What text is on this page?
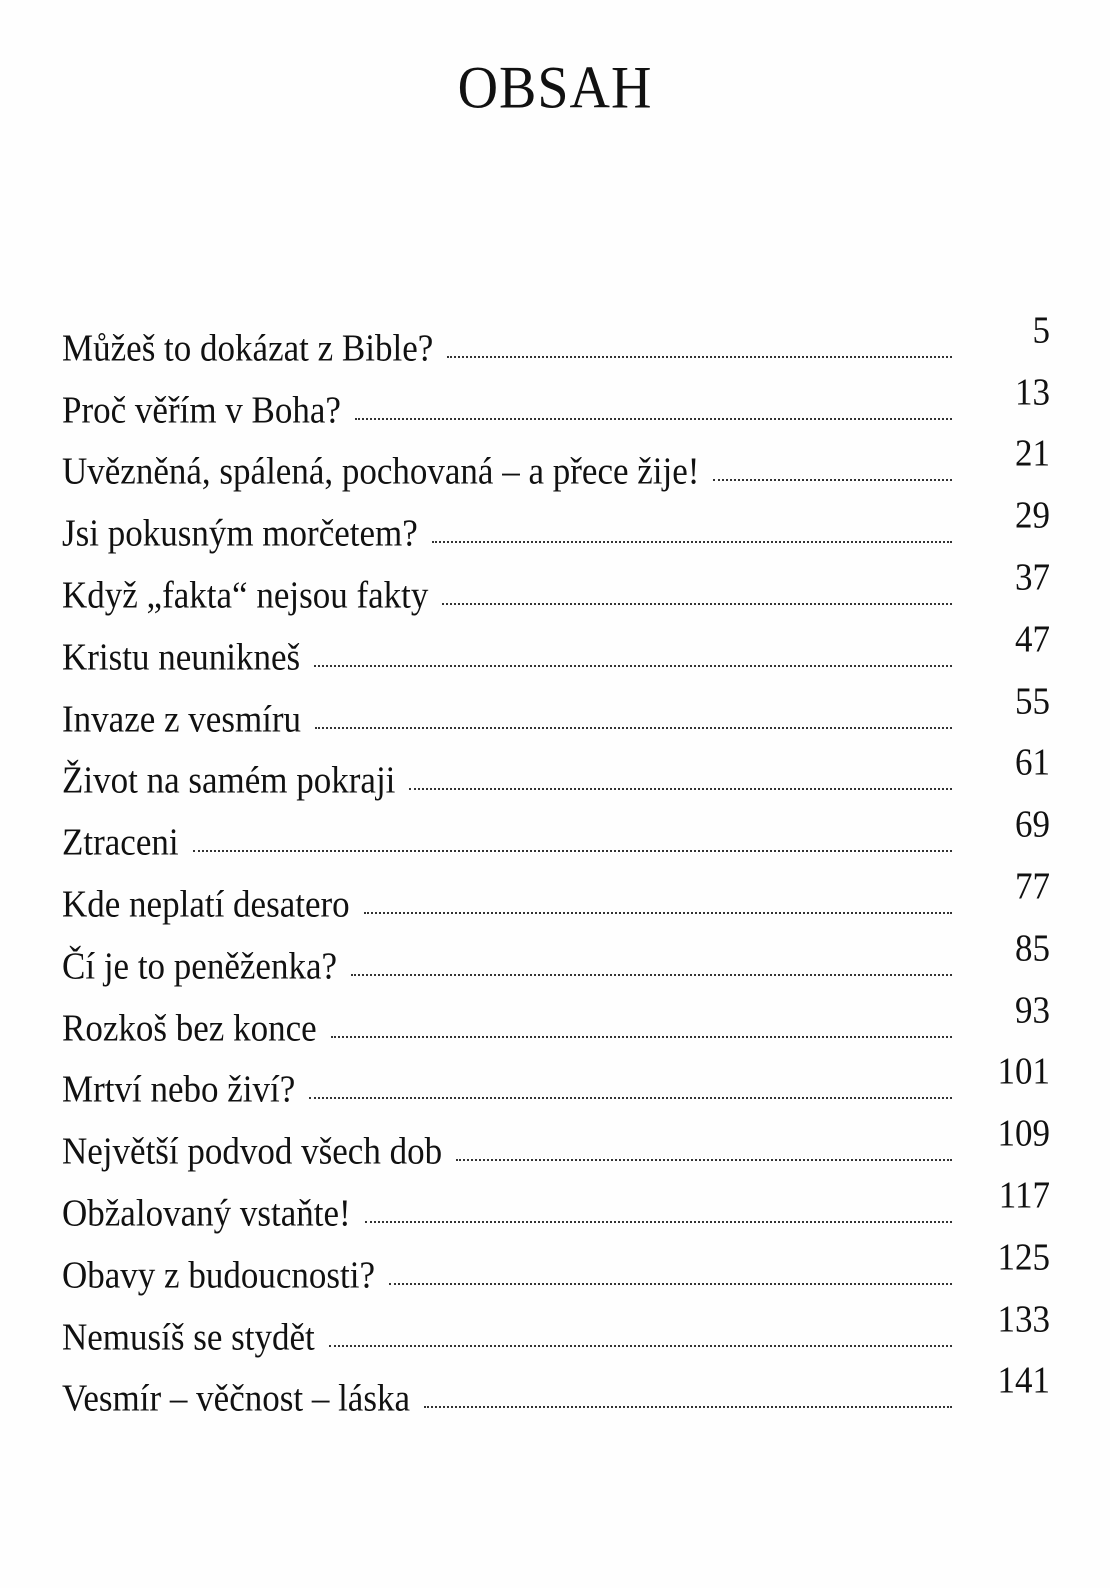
OBSAH
Můžeš to dokázat z Bible?	5
Proč věřím v Boha?	13
Uvězněná, spálená, pochovaná – a přece žije!	21
Jsi pokusným morčetem?	29
Když „fakta“ nejsou fakty	37
Kristu neunikneš	47
Invaze z vesmíru	55
Život na samém pokraji	61
Ztraceni	69
Kde neplatí desatero	77
Čí je to peněženka?	85
Rozkoš bez konce	93
Mrtví nebo živí?	101
Největší podvod všech dob	109
Obžalovaný vstaňte!	117
Obavy z budoucnosti?	125
Nemusíš se stydět	133
Vesmír – věčnost – láska	141
